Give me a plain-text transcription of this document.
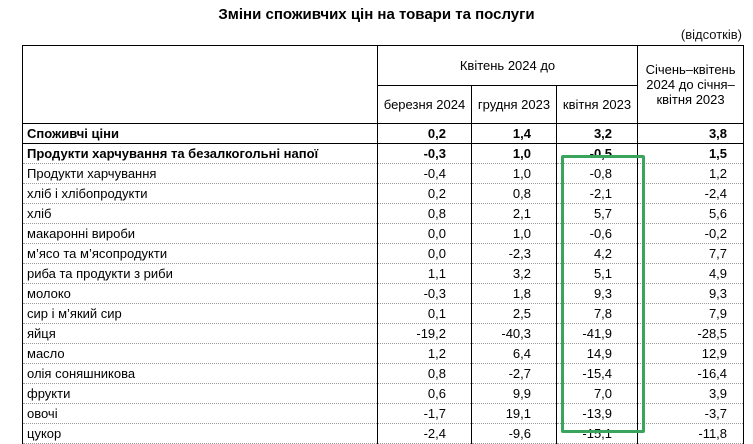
Зміни споживчих цін на товари та послуги
(відсотків)
	Квітень 2024 до			Січень–квітень 2024 до січня–квітня 2023
	березня 2024	грудня 2023	квітня 2023	
Споживчі ціни	0,2	1,4	3,2	3,8
Продукти харчування та безалкогольні напої	-0,3	1,0	-0,5	1,5
Продукти харчування	-0,4	1,0	-0,8	1,2
хліб і хлібопродукти	0,2	0,8	-2,1	-2,4
хліб	0,8	2,1	5,7	5,6
макаронні вироби	0,0	1,0	-0,6	-0,2
м’ясо та м’ясопродукти	0,0	-2,3	4,2	7,7
риба та продукти з риби	1,1	3,2	5,1	4,9
молоко	-0,3	1,8	9,3	9,3
сир і м’який сир	0,1	2,5	7,8	7,9
яйця	-19,2	-40,3	-41,9	-28,5
масло	1,2	6,4	14,9	12,9
олія соняшникова	0,8	-2,7	-15,4	-16,4
фрукти	0,6	9,9	7,0	3,9
овочі	-1,7	19,1	-13,9	-3,7
цукор	-2,4	-9,6	-15,1	-11,8
